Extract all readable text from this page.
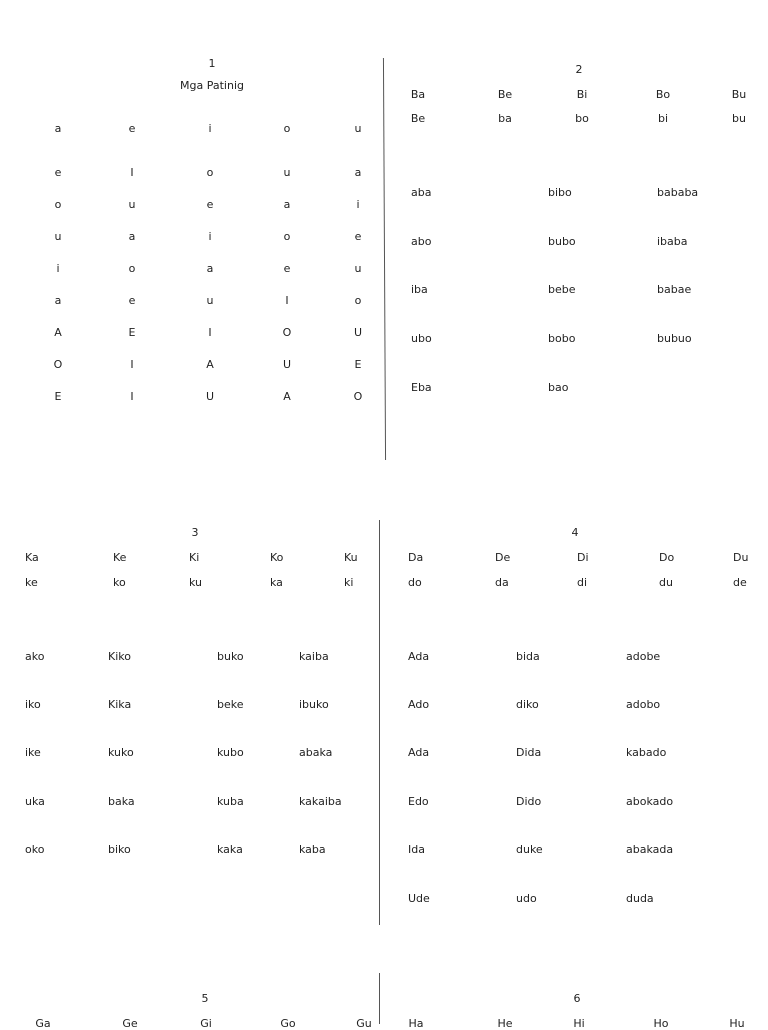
1
Mga Patinig
a	e	i	o	u
e	I	o	u	a
o	u	e	a	i
u	a	i	o	e
i	o	a	e	u
a	e	u	I	o
A	E	I	O	U
O	I	A	U	E
E	I	U	A	O
2
Ba	Be	Bi	Bo	Bu
Be	ba	bo	bi	bu
aba	bibo	bababa
abo	bubo	ibaba
iba	bebe	babae
ubo	bobo	bubuo
Eba	bao
3
Ka	Ke	Ki	Ko	Ku
ke	ko	ku	ka	ki
ako	Kiko	buko	kaiba
iko	Kika	beke	ibuko
ike	kuko	kubo	abaka
uka	baka	kuba	kakaiba
oko	biko	kaka	kaba
4
Da	De	Di	Do	Du
do	da	di	du	de
Ada	bida	adobe
Ado	diko	adobo
Ada	Dida	kabado
Edo	Dido	abokado
Ida	duke	abakada
Ude	udo	duda
5
Ga	Ge	Gi	Go	Gu
6
Ha	He	Hi	Ho	Hu
